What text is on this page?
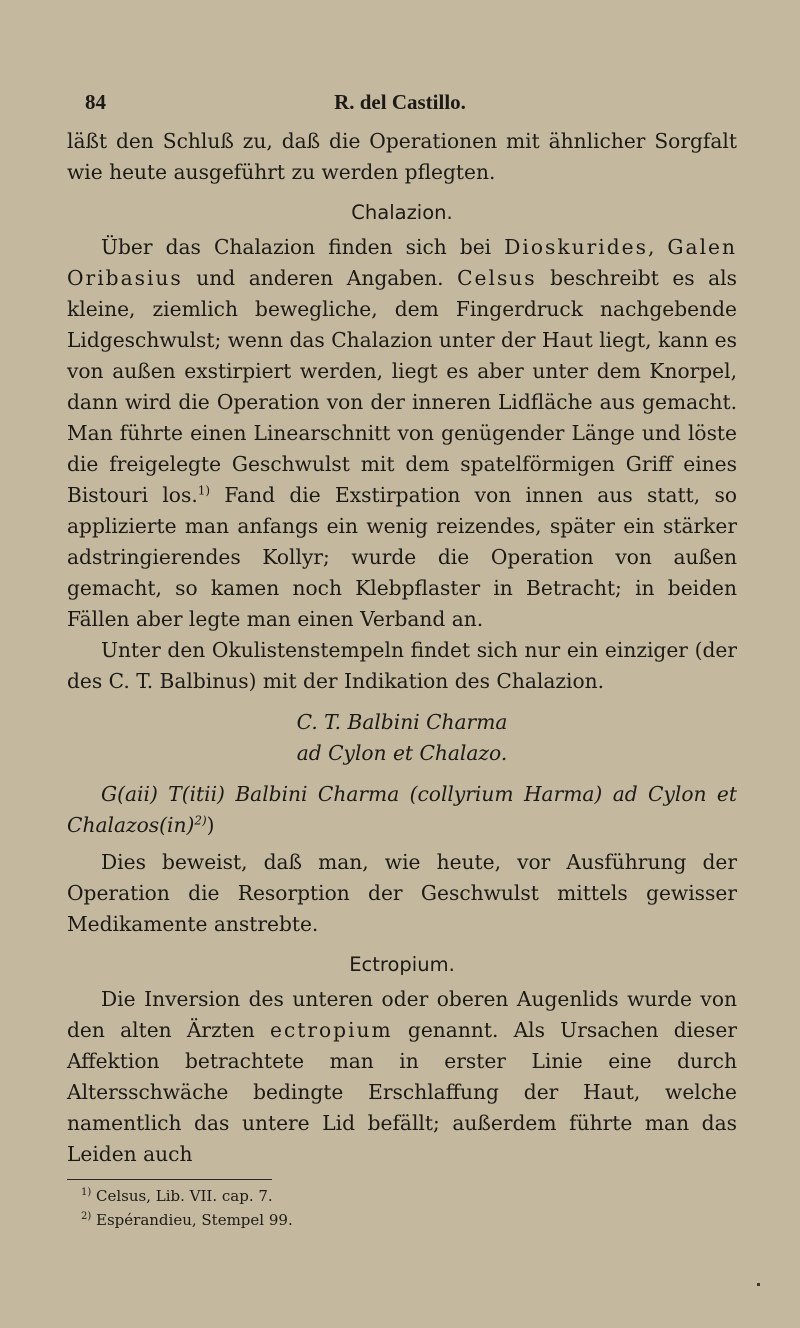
84	R. del Castillo.

läßt den Schluß zu, daß die Operationen mit ähnlicher Sorgfalt wie heute ausgeführt zu werden pflegten.

Chalazion.

Über das Chalazion finden sich bei Dioskurides, Galen Oribasius und anderen Angaben. Celsus beschreibt es als kleine, ziemlich bewegliche, dem Fingerdruck nachgebende Lidgeschwulst; wenn das Chalazion unter der Haut liegt, kann es von außen exstirpiert werden, liegt es aber unter dem Knorpel, dann wird die Operation von der inneren Lidfläche aus gemacht. Man führte einen Linearschnitt von genügender Länge und löste die freigelegte Geschwulst mit dem spatelförmigen Griff eines Bistouri los.$^{1)}$ Fand die Exstirpation von innen aus statt, so applizierte man anfangs ein wenig reizendes, später ein stärker adstringierendes Kollyr; wurde die Operation von außen gemacht, so kamen noch Klebpflaster in Betracht; in beiden Fällen aber legte man einen Verband an.

Unter den Okulistenstempeln findet sich nur ein einziger (der des C. T. Balbinus) mit der Indikation des Chalazion.

C. T. Balbini Charma
ad Cylon et Chalazo.

G(aii) T(itii) Balbini Charma (collyrium Harma) ad Cylon et Chalazos(in)$^{2)}$)

Dies beweist, daß man, wie heute, vor Ausführung der Operation die Resorption der Geschwulst mittels gewisser Medikamente anstrebte.

Ectropium.

Die Inversion des unteren oder oberen Augenlids wurde von den alten Ärzten ectropium genannt. Als Ursachen dieser Affektion betrachtete man in erster Linie eine durch Altersschwäche bedingte Erschlaffung der Haut, welche namentlich das untere Lid befällt; außerdem führte man das Leiden auch

$^{1)}$ Celsus, Lib. VII. cap. 7.
$^{2)}$ Espérandieu, Stempel 99.
